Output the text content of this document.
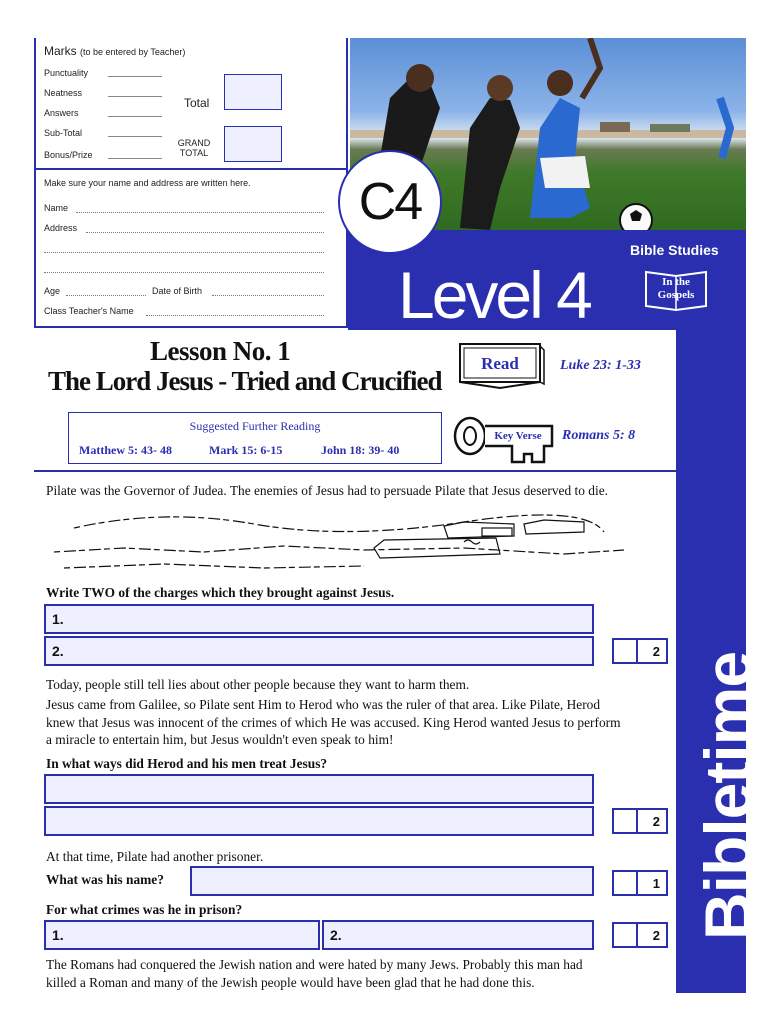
Marks (to be entered by Teacher)
Punctuality
Neatness
Answers
Total
Sub-Total
Bonus/Prize
GRAND
TOTAL
Make sure your name and address are written here.
Name
Address
Age	Date of Birth
Class Teacher's Name
C4
Bible Studies
Level 4	In the
Gospels
Bibletime
Lesson No. 1
The Lord Jesus - Tried and Crucified
Read	Luke 23: 1-33
Suggested Further Reading
Matthew 5: 43- 48	Mark 15: 6-15	John 18: 39- 40
Key Verse	Romans 5: 8
Pilate was the Governor of Judea. The enemies of Jesus had to persuade Pilate that Jesus deserved to die.
Write TWO of the charges which they brought against Jesus.
1.
2.	2
Today, people still tell lies about other people because they want to harm them.
Jesus came from Galilee, so Pilate sent Him to Herod who was the ruler of that area. Like Pilate, Herod knew that Jesus was innocent of the crimes of which He was accused. King Herod wanted Jesus to perform a miracle to entertain him, but Jesus wouldn't even speak to him!
In what ways did Herod and his men treat Jesus?
2
At that time, Pilate had another prisoner.
What was his name?	1
For what crimes was he in prison?
1.	2.	2
The Romans had conquered the Jewish nation and were hated by many Jews. Probably this man had killed a Roman and many of the Jewish people would have been glad that he had done this.
